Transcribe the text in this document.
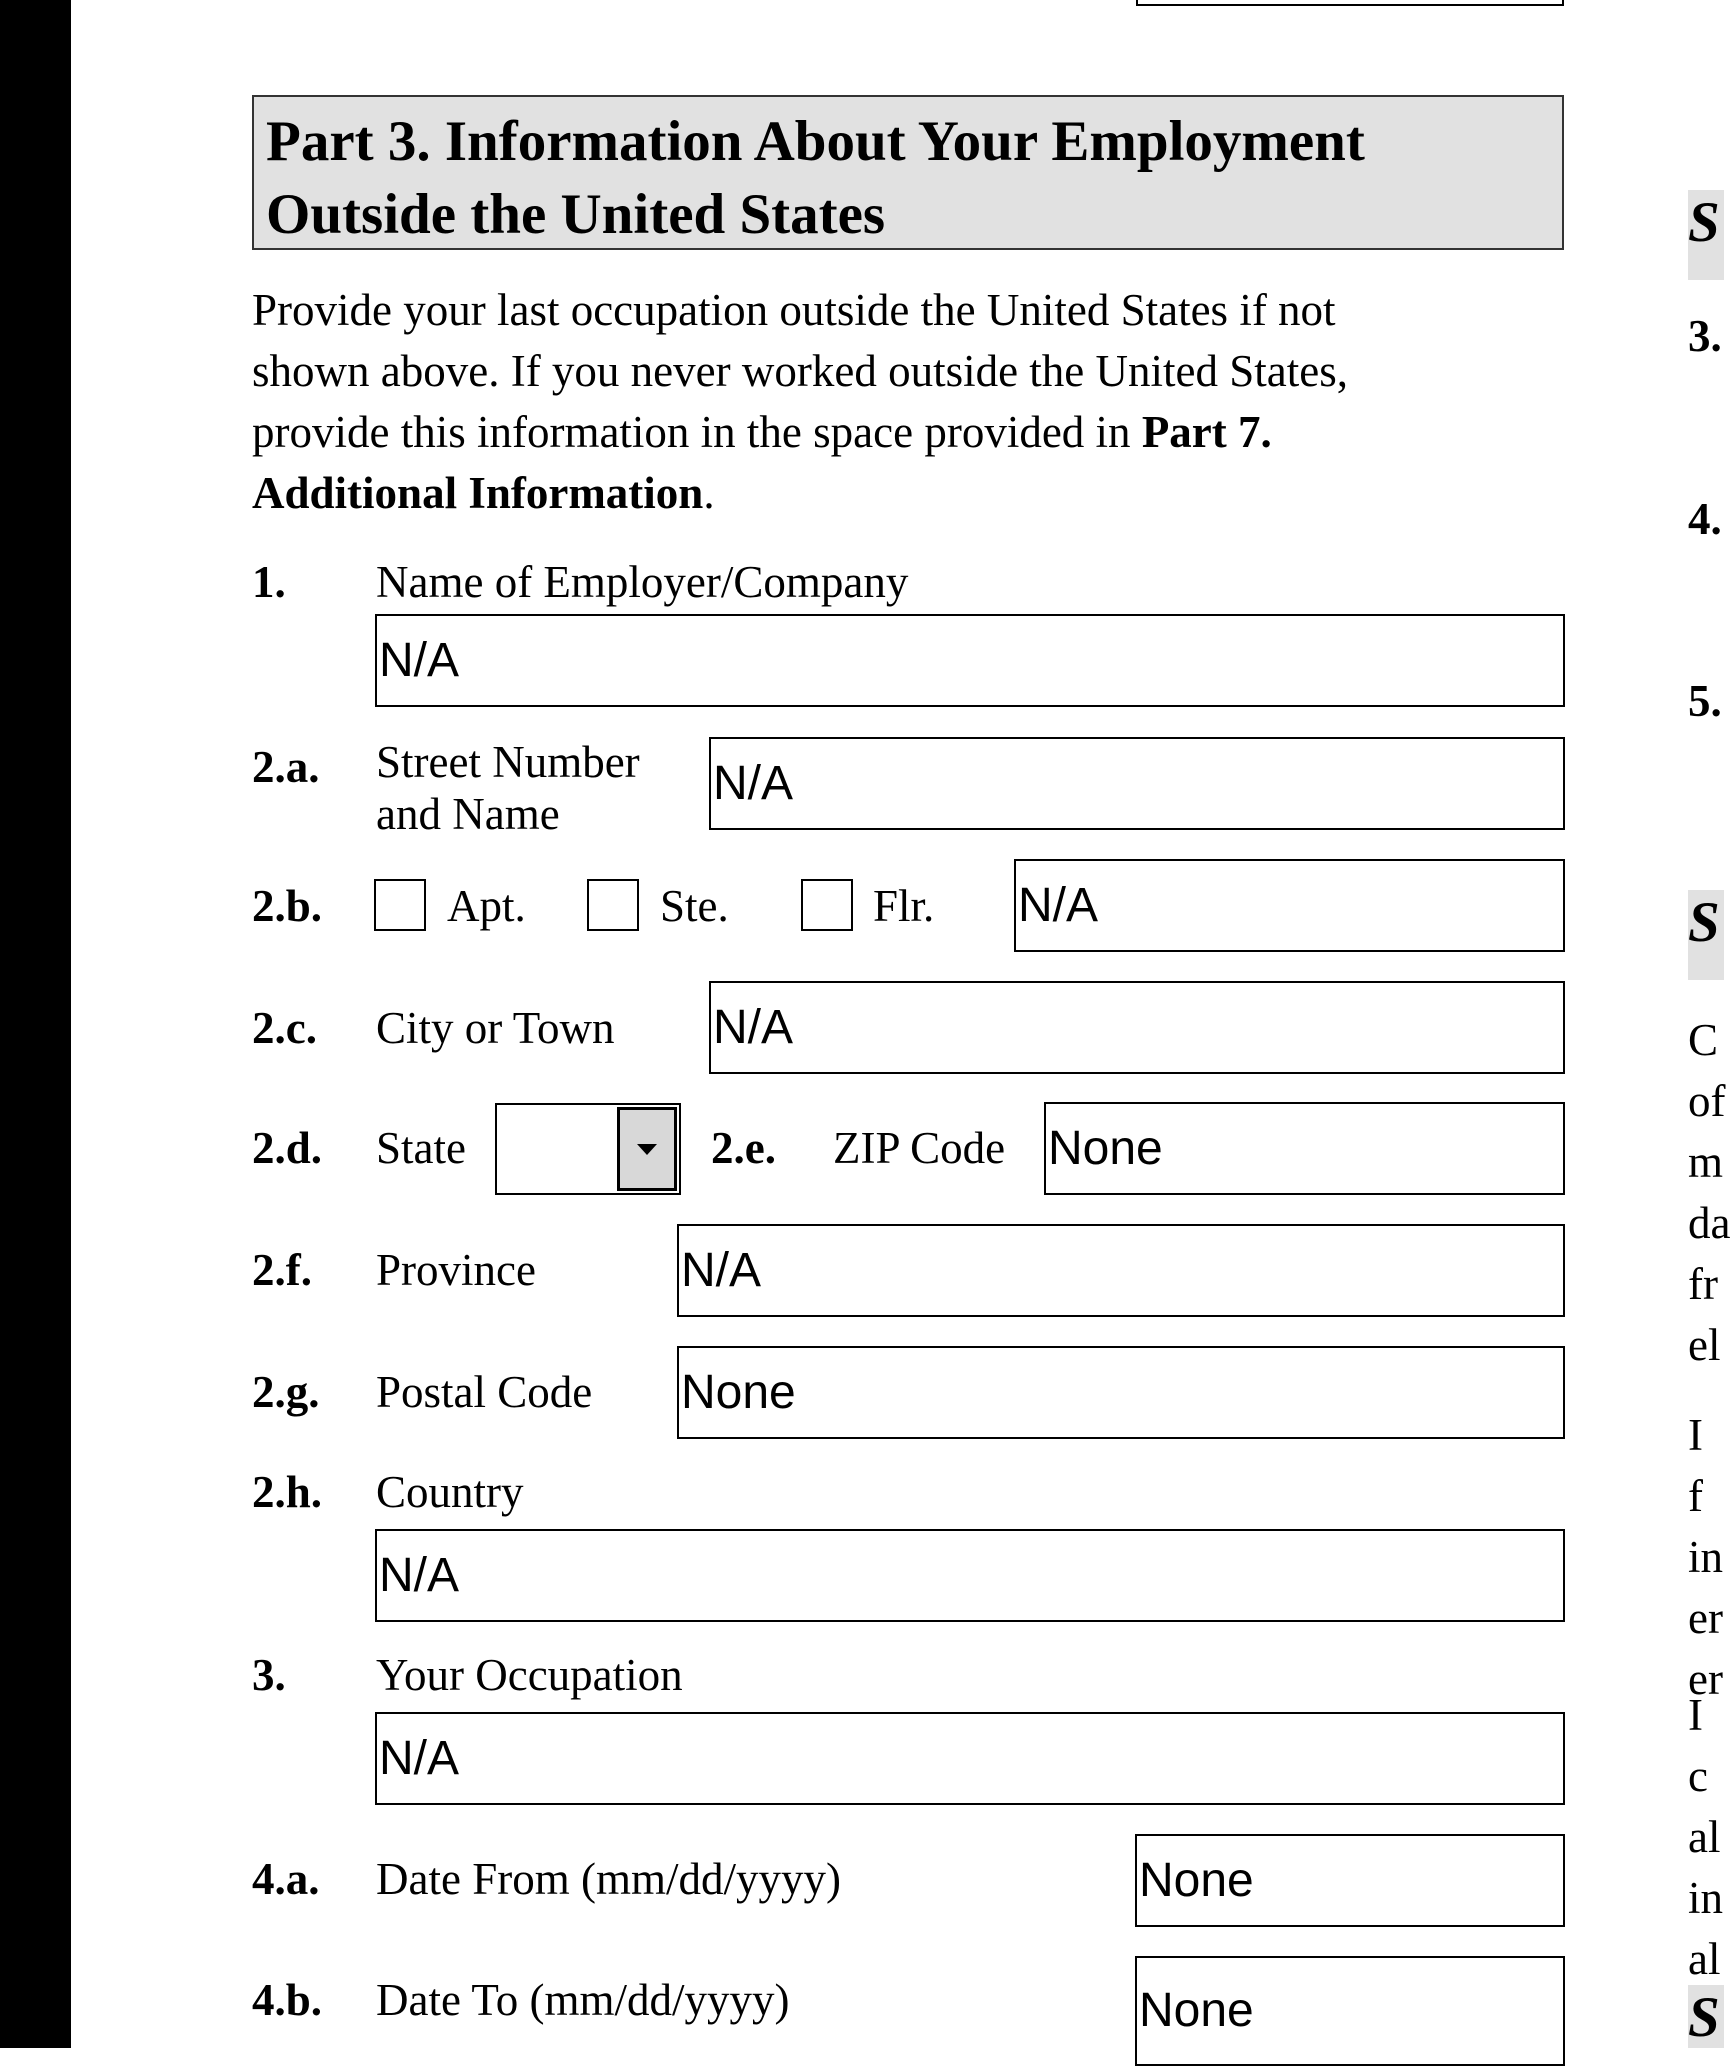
Part 3. Information About Your Employment

Outside the United States

Provide your last occupation outside the United States if not
shown above. If you never worked outside the United States,
provide this information in the space provided in Part 7.
Additional Information.
1. Name of Employer/Company
N/A
2.a. Street Number
and Name
N/A
2.b.	Apt.	Ste.	Flr. N/A
2.c. City or Town N/A
2.d. State	2.e. ZIP Code None
2.f. Province	N/A
2.g. Postal Code None
2.h. Country
N/A
3. Your Occupation
N/A
4.a. Date From (mm/dd/yyyy)	None
4.b. Date To (mm/dd/yyyy)	None
S
3.
4.
5.
S
C
of
m
da
fr
el
I f
in
er
er
I c
al
in
al
S
